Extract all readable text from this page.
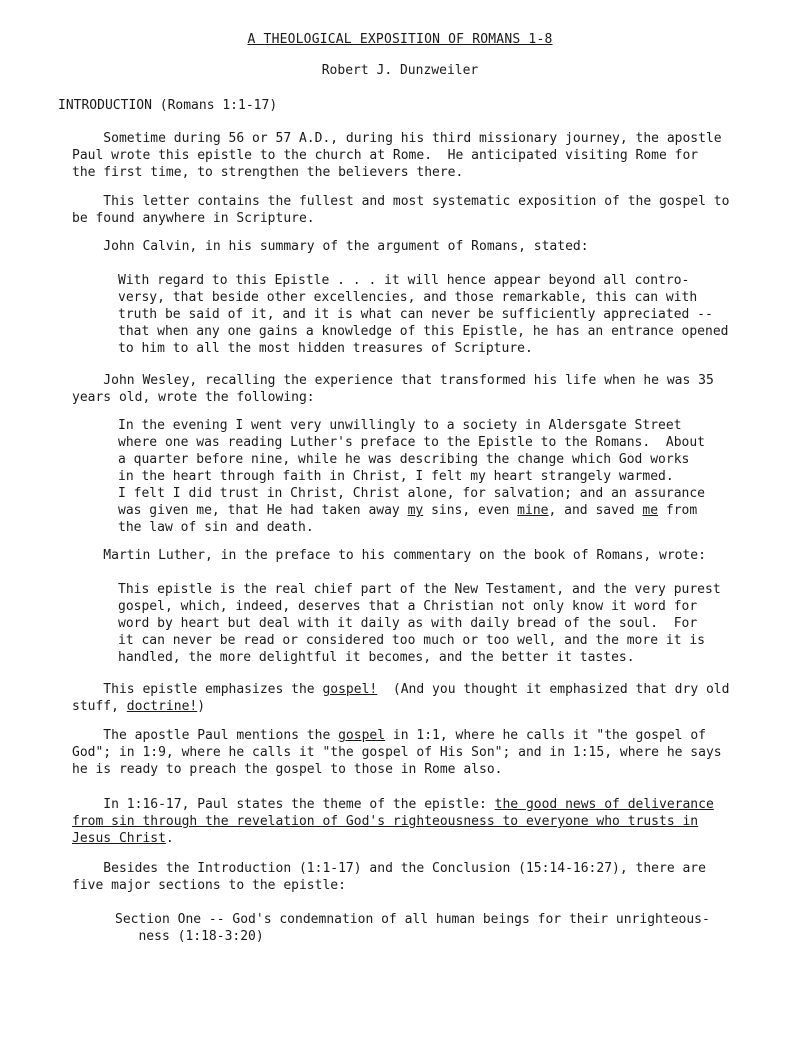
A THEOLOGICAL EXPOSITION OF ROMANS 1-8
Robert J. Dunzweiler
INTRODUCTION (Romans 1:1-17)
Sometime during 56 or 57 A.D., during his third missionary journey, the apostle
Paul wrote this epistle to the church at Rome.  He anticipated visiting Rome for
the first time, to strengthen the believers there.
This letter contains the fullest and most systematic exposition of the gospel to
be found anywhere in Scripture.
John Calvin, in his summary of the argument of Romans, stated:
With regard to this Epistle . . . it will hence appear beyond all contro-
versy, that beside other excellencies, and those remarkable, this can with
truth be said of it, and it is what can never be sufficiently appreciated --
that when any one gains a knowledge of this Epistle, he has an entrance opened
to him to all the most hidden treasures of Scripture.
John Wesley, recalling the experience that transformed his life when he was 35
years old, wrote the following:
In the evening I went very unwillingly to a society in Aldersgate Street
where one was reading Luther's preface to the Epistle to the Romans.  About
a quarter before nine, while he was describing the change which God works
in the heart through faith in Christ, I felt my heart strangely warmed.
I felt I did trust in Christ, Christ alone, for salvation; and an assurance
was given me, that He had taken away my sins, even mine, and saved me from
the law of sin and death.
Martin Luther, in the preface to his commentary on the book of Romans, wrote:
This epistle is the real chief part of the New Testament, and the very purest
gospel, which, indeed, deserves that a Christian not only know it word for
word by heart but deal with it daily as with daily bread of the soul.  For
it can never be read or considered too much or too well, and the more it is
handled, the more delightful it becomes, and the better it tastes.
This epistle emphasizes the gospel!  (And you thought it emphasized that dry old
stuff, doctrine!)
The apostle Paul mentions the gospel in 1:1, where he calls it "the gospel of
God"; in 1:9, where he calls it "the gospel of His Son"; and in 1:15, where he says
he is ready to preach the gospel to those in Rome also.
In 1:16-17, Paul states the theme of the epistle: the good news of deliverance
from sin through the revelation of God's righteousness to everyone who trusts in
Jesus Christ.
Besides the Introduction (1:1-17) and the Conclusion (15:14-16:27), there are
five major sections to the epistle:
Section One -- God's condemnation of all human beings for their unrighteous-
ness (1:18-3:20)
